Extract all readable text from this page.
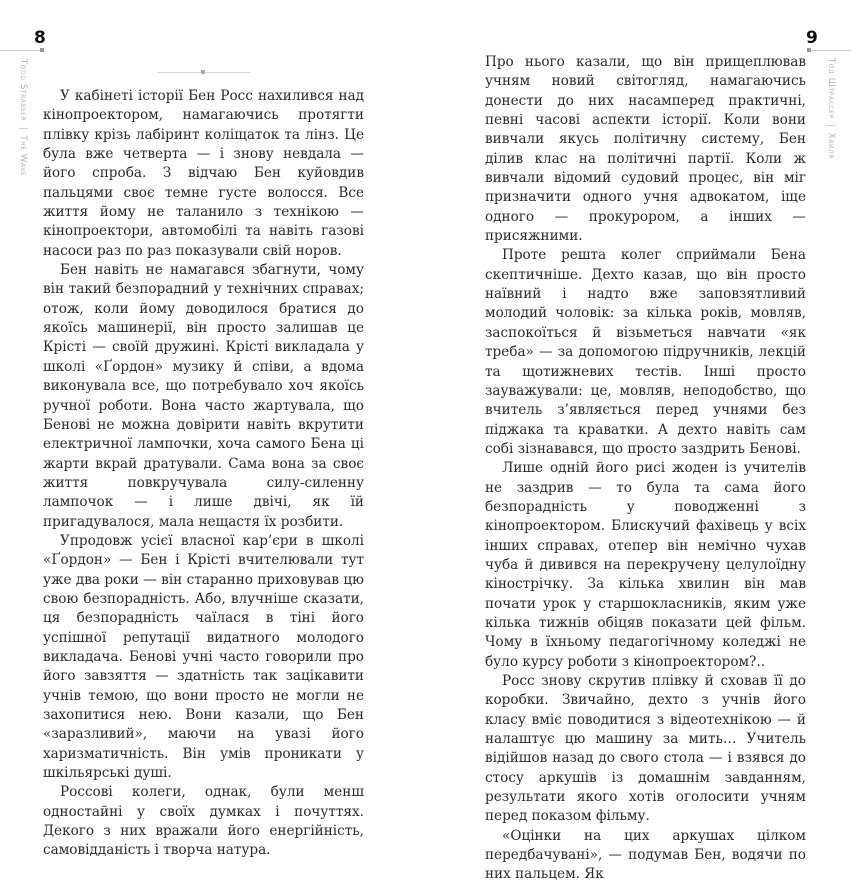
8
Todd Strasser | The Wave

У кабінеті історії Бен Росс нахилився над кінопроектором, намагаючись протягти плівку крізь лабіринт коліщаток та лінз. Це була вже четверта — і знову невдала — його спроба. З відчаю Бен куйовдив пальцями своє темне густе волосся. Все життя йому не таланило з технікою — кінопроектори, автомобілі та навіть газові насоси раз по раз показували свій норов.

Бен навіть не намагався збагнути, чому він такий безпорадний у технічних справах; отож, коли йому доводилося братися до якоїсь машинерії, він просто залишав це Крісті — своїй дружині. Крісті викладала у школі «Ґордон» музику й співи, а вдома виконувала все, що потребувало хоч якоїсь ручної роботи. Вона часто жартувала, що Бенові не можна довірити навіть вкрутити електричної лампочки, хоча самого Бена ці жарти вкрай дратували. Сама вона за своє життя повкручувала силу-силенну лампочок — і лише двічі, як їй пригадувалося, мала нещастя їх розбити.

Упродовж усієї власної кар’єри в школі «Ґордон» — Бен і Крісті вчителювали тут уже два роки — він старанно приховував цю свою безпорадність. Або, влучніше сказати, ця безпорадність чаїлася в тіні його успішної репутації видатного молодого викладача. Бенові учні часто говорили про його завзяття — здатність так зацікавити учнів темою, що вони просто не могли не захопитися нею. Вони казали, що Бен «заразливий», маючи на увазі його харизматичність. Він умів проникати у шкільярські душі.

Россові колеги, однак, були менш одностайні у своїх думках і почуттях. Декого з них вражали його енергійність, самовідданість і творча натура.

9
Тод Штрассер | Хвиля

Про нього казали, що він прищеплював учням новий світогляд, намагаючись донести до них насамперед практичні, певні часові аспекти історії. Коли вони вивчали якусь політичну систему, Бен ділив клас на політичні партії. Коли ж вивчали відомий судовий процес, він міг призначити одного учня адвокатом, іще одного — прокурором, а інших — присяжними.

Проте решта колег сприймали Бена скептичніше. Дехто казав, що він просто наївний і надто вже заповзятливий молодий чоловік: за кілька років, мовляв, заспокоїться й візьметься навчати «як треба» — за допомогою підручників, лекцій та щотижневих тестів. Інші просто зауважували: це, мовляв, неподобство, що вчитель з’являється перед учнями без піджака та краватки. А дехто навіть сам собі зізнавався, що просто заздрить Бенові.

Лише одній його рисі жоден із учителів не заздрив — то була та сама його безпорадність у поводженні з кінопроектором. Блискучий фахівець у всіх інших справах, отепер він немічно чухав чуба й дивився на перекручену целулоїдну кінострічку. За кілька хвилин він мав почати урок у старшокласників, яким уже кілька тижнів обіцяв показати цей фільм. Чому в їхньому педагогічному коледжі не було курсу роботи з кінопроектором?..

Росс знову скрутив плівку й сховав її до коробки. Звичайно, дехто з учнів його класу вміє поводитися з відеотехнікою — й налаштує цю машину за мить… Учитель відійшов назад до свого стола — і взявся до стосу аркушів із домашнім завданням, результати якого хотів оголосити учням перед показом фільму.

«Оцінки на цих аркушах цілком передбачувані», — подумав Бен, водячи по них пальцем. Як
